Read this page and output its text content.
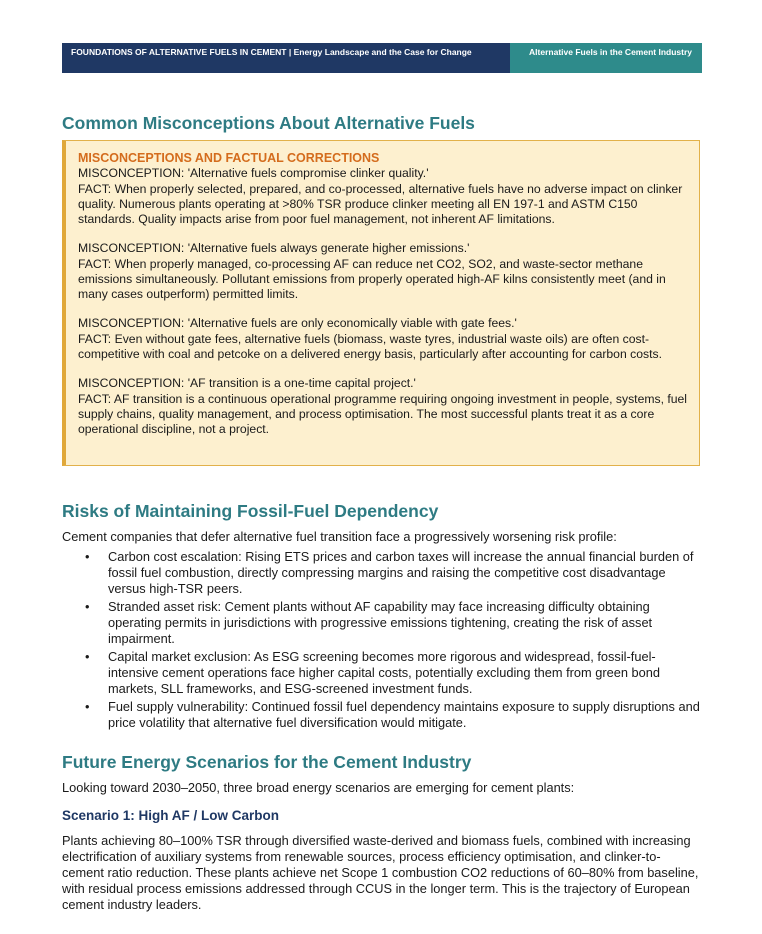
FOUNDATIONS OF ALTERNATIVE FUELS IN CEMENT | Energy Landscape and the Case for Change	Alternative Fuels in the Cement Industry
Common Misconceptions About Alternative Fuels
MISCONCEPTIONS AND FACTUAL CORRECTIONS

MISCONCEPTION: 'Alternative fuels compromise clinker quality.'

FACT: When properly selected, prepared, and co-processed, alternative fuels have no adverse impact on clinker quality. Numerous plants operating at >80% TSR produce clinker meeting all EN 197-1 and ASTM C150 standards. Quality impacts arise from poor fuel management, not inherent AF limitations.

MISCONCEPTION: 'Alternative fuels always generate higher emissions.'

FACT: When properly managed, co-processing AF can reduce net CO2, SO2, and waste-sector methane emissions simultaneously. Pollutant emissions from properly operated high-AF kilns consistently meet (and in many cases outperform) permitted limits.

MISCONCEPTION: 'Alternative fuels are only economically viable with gate fees.'

FACT: Even without gate fees, alternative fuels (biomass, waste tyres, industrial waste oils) are often cost-competitive with coal and petcoke on a delivered energy basis, particularly after accounting for carbon costs.

MISCONCEPTION: 'AF transition is a one-time capital project.'

FACT: AF transition is a continuous operational programme requiring ongoing investment in people, systems, fuel supply chains, quality management, and process optimisation. The most successful plants treat it as a core operational discipline, not a project.

Risks of Maintaining Fossil-Fuel Dependency

Cement companies that defer alternative fuel transition face a progressively worsening risk profile:

• Carbon cost escalation: Rising ETS prices and carbon taxes will increase the annual financial burden of fossil fuel combustion, directly compressing margins and raising the competitive cost disadvantage versus high-TSR peers.
• Stranded asset risk: Cement plants without AF capability may face increasing difficulty obtaining operating permits in jurisdictions with progressive emissions tightening, creating the risk of asset impairment.
• Capital market exclusion: As ESG screening becomes more rigorous and widespread, fossil-fuel-intensive cement operations face higher capital costs, potentially excluding them from green bond markets, SLL frameworks, and ESG-screened investment funds.
• Fuel supply vulnerability: Continued fossil fuel dependency maintains exposure to supply disruptions and price volatility that alternative fuel diversification would mitigate.
Future Energy Scenarios for the Cement Industry

Looking toward 2030–2050, three broad energy scenarios are emerging for cement plants:

Scenario 1: High AF / Low Carbon

Plants achieving 80–100% TSR through diversified waste-derived and biomass fuels, combined with increasing electrification of auxiliary systems from renewable sources, process efficiency optimisation, and clinker-to-cement ratio reduction. These plants achieve net Scope 1 combustion CO2 reductions of 60–80% from baseline, with residual process emissions addressed through CCUS in the longer term. This is the trajectory of European cement industry leaders.
